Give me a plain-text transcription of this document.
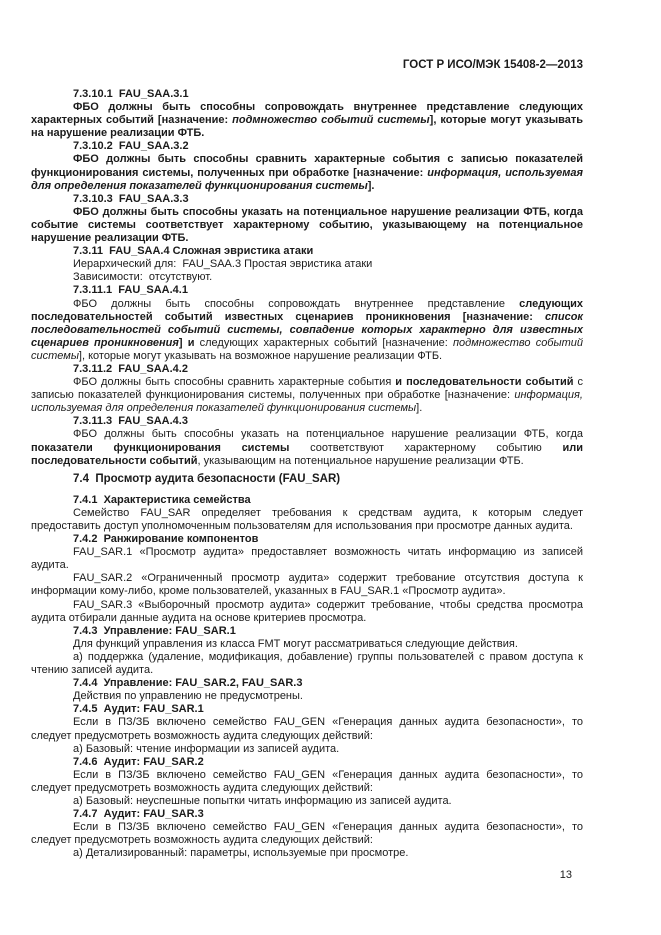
ГОСТ Р ИСО/МЭК 15408-2—2013
7.3.10.1  FAU_SAA.3.1
ФБО должны быть способны сопровождать внутреннее представление следующих характерных событий [назначение: подмножество событий системы], которые могут указывать на нарушение реализации ФТБ.
7.3.10.2  FAU_SAA.3.2
ФБО должны быть способны сравнить характерные события с записью показателей функционирования системы, полученных при обработке [назначение: информация, используемая для определения показателей функционирования системы].
7.3.10.3  FAU_SAA.3.3
ФБО должны быть способны указать на потенциальное нарушение реализации ФТБ, когда событие системы соответствует характерному событию, указывающему на потенциальное нарушение реализации ФТБ.
7.3.11  FAU_SAA.4 Сложная эвристика атаки
Иерархический для:  FAU_SAA.3 Простая эвристика атаки
Зависимости:  отсутствуют.
7.3.11.1  FAU_SAA.4.1
ФБО должны быть способны сопровождать внутреннее представление следующих последовательностей событий известных сценариев проникновения [назначение: список последовательностей событий системы, совпадение которых характерно для известных сценариев проникновения] и следующих характерных событий [назначение: подмножество событий системы], которые могут указывать на возможное нарушение реализации ФТБ.
7.3.11.2  FAU_SAA.4.2
ФБО должны быть способны сравнить характерные события и последовательности событий с записью показателей функционирования системы, полученных при обработке [назначение: информация, используемая для определения показателей функционирования системы].
7.3.11.3  FAU_SAA.4.3
ФБО должны быть способны указать на потенциальное нарушение реализации ФТБ, когда показатели функционирования системы соответствуют характерному событию или последовательности событий, указывающим на потенциальное нарушение реализации ФТБ.
7.4  Просмотр аудита безопасности (FAU_SAR)
7.4.1  Характеристика семейства
Семейство FAU_SAR определяет требования к средствам аудита, к которым следует предоставить доступ уполномоченным пользователям для использования при просмотре данных аудита.
7.4.2  Ранжирование компонентов
FAU_SAR.1 «Просмотр аудита» предоставляет возможность читать информацию из записей аудита.
FAU_SAR.2 «Ограниченный просмотр аудита» содержит требование отсутствия доступа к информации кому-либо, кроме пользователей, указанных в FAU_SAR.1 «Просмотр аудита».
FAU_SAR.3 «Выборочный просмотр аудита» содержит требование, чтобы средства просмотра аудита отбирали данные аудита на основе критериев просмотра.
7.4.3  Управление: FAU_SAR.1
Для функций управления из класса FMT могут рассматриваться следующие действия.
а) поддержка (удаление, модификация, добавление) группы пользователей с правом доступа к чтению записей аудита.
7.4.4  Управление: FAU_SAR.2, FAU_SAR.3
Действия по управлению не предусмотрены.
7.4.5  Аудит: FAU_SAR.1
Если в ПЗ/ЗБ включено семейство FAU_GEN «Генерация данных аудита безопасности», то следует предусмотреть возможность аудита следующих действий:
а) Базовый: чтение информации из записей аудита.
7.4.6  Аудит: FAU_SAR.2
Если в ПЗ/ЗБ включено семейство FAU_GEN «Генерация данных аудита безопасности», то следует предусмотреть возможность аудита следующих действий:
а) Базовый: неуспешные попытки читать информацию из записей аудита.
7.4.7  Аудит: FAU_SAR.3
Если в ПЗ/ЗБ включено семейство FAU_GEN «Генерация данных аудита безопасности», то следует предусмотреть возможность аудита следующих действий:
а) Детализированный: параметры, используемые при просмотре.
13
